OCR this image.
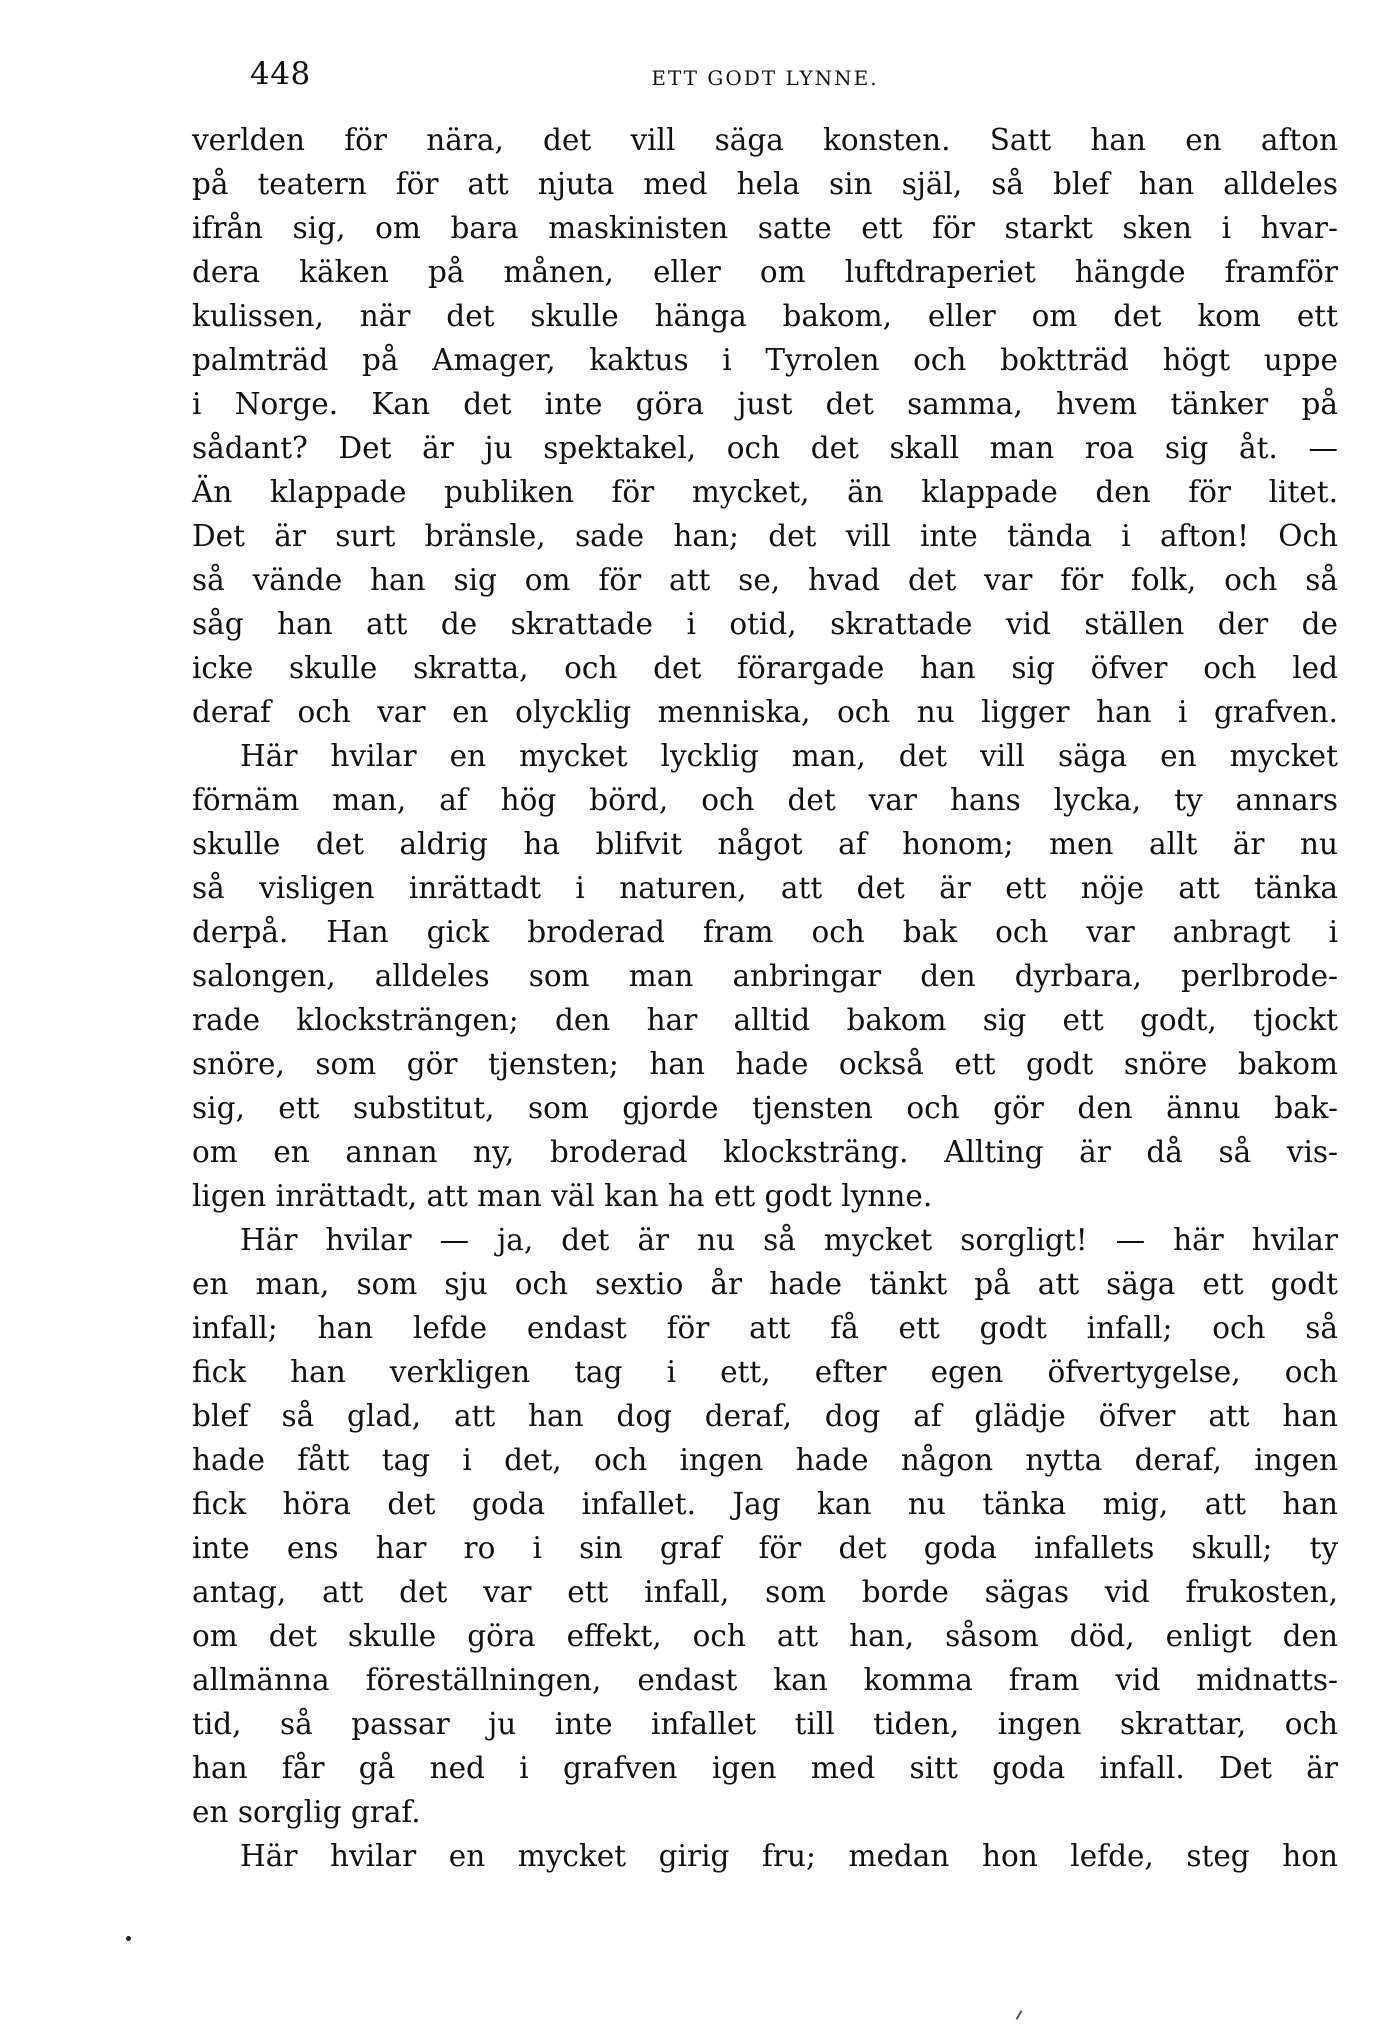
448	ETT GODT LYNNE.
verlden för nära, det vill säga konsten. Satt han en afton
på teatern för att njuta med hela sin själ, så blef han alldeles
ifrån sig, om bara maskinisten satte ett för starkt sken i hvar-
dera käken på månen, eller om luftdraperiet hängde framför
kulissen, när det skulle hänga bakom, eller om det kom ett
palmträd på Amager, kaktus i Tyrolen och boktträd högt uppe
i Norge. Kan det inte göra just det samma, hvem tänker på
sådant? Det är ju spektakel, och det skall man roa sig åt. —
Än klappade publiken för mycket, än klappade den för litet.
Det är surt bränsle, sade han; det vill inte tända i afton! Och
så vände han sig om för att se, hvad det var för folk, och så
såg han att de skrattade i otid, skrattade vid ställen der de
icke skulle skratta, och det förargade han sig öfver och led
deraf och var en olycklig menniska, och nu ligger han i grafven.
Här hvilar en mycket lycklig man, det vill säga en mycket
förnäm man, af hög börd, och det var hans lycka, ty annars
skulle det aldrig ha blifvit något af honom; men allt är nu
så visligen inrättadt i naturen, att det är ett nöje att tänka
derpå. Han gick broderad fram och bak och var anbragt i
salongen, alldeles som man anbringar den dyrbara, perlbrode-
rade klocksträngen; den har alltid bakom sig ett godt, tjockt
snöre, som gör tjensten; han hade också ett godt snöre bakom
sig, ett substitut, som gjorde tjensten och gör den ännu bak-
om en annan ny, broderad klocksträng. Allting är då så vis-
ligen inrättadt, att man väl kan ha ett godt lynne.
Här hvilar — ja, det är nu så mycket sorgligt! — här hvilar
en man, som sju och sextio år hade tänkt på att säga ett godt
infall; han lefde endast för att få ett godt infall; och så
fick han verkligen tag i ett, efter egen öfvertygelse, och
blef så glad, att han dog deraf, dog af glädje öfver att han
hade fått tag i det, och ingen hade någon nytta deraf, ingen
fick höra det goda infallet. Jag kan nu tänka mig, att han
inte ens har ro i sin graf för det goda infallets skull; ty
antag, att det var ett infall, som borde sägas vid frukosten,
om det skulle göra effekt, och att han, såsom död, enligt den
allmänna föreställningen, endast kan komma fram vid midnatts-
tid, så passar ju inte infallet till tiden, ingen skrattar, och
han får gå ned i grafven igen med sitt goda infall. Det är
en sorglig graf.
Här hvilar en mycket girig fru; medan hon lefde, steg hon
